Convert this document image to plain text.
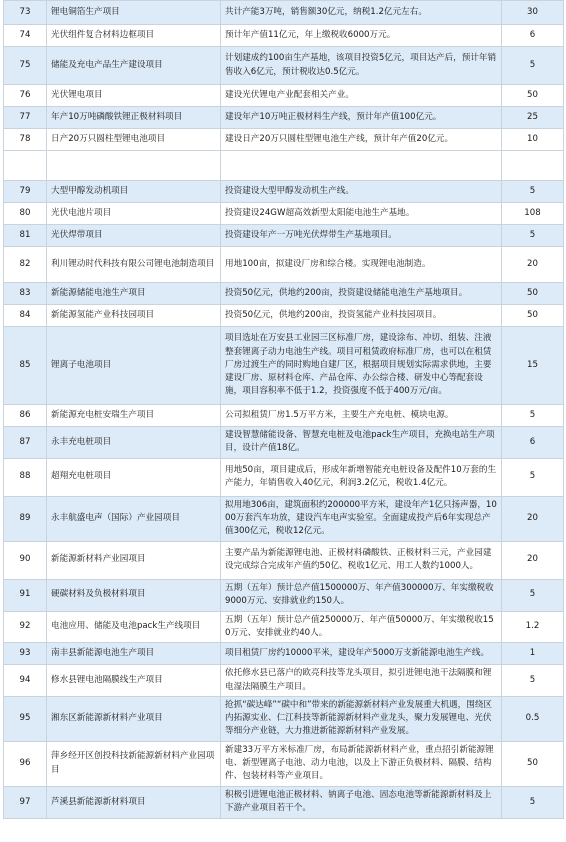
73	锂电铜箔生产项目	共计产能3万吨，销售额30亿元，纳税1.2亿元左右。	30
74	光伏组件复合材料边框项目	预计年产值11亿元，年上缴税收6000万元。	6
75	储能及充电产品生产建设项目	计划建成约100亩生产基地，该项目投资5亿元，项目达产后，预计年销售收入6亿元，预计税收达0.5亿元。	5
76	光伏锂电项目	建设光伏锂电产业配套相关产业。	50
77	年产10万吨磷酸铁锂正极材料项目	建设年产10万吨正极材料生产线，预计年产值100亿元。	25
78	日产20万只圆柱型锂电池项目	建设日产20万只圆柱型锂电池生产线，预计年产值20亿元。	10

79	大型甲醇发动机项目	投资建设大型甲醇发动机生产线。	5
80	光伏电池片项目	投资建设24GW超高效新型太阳能电池生产基地。	108
81	光伏焊带项目	投资建设年产一万吨光伏焊带生产基地项目。	5
82	利川锂动时代科技有限公司锂电池制造项目	用地100亩，拟建设厂房和综合楼。实现锂电池制造。	20
83	新能源储能电池生产项目	投资50亿元，供地约200亩，投资建设储能电池生产基地项目。	50
84	新能源氢能产业科技园项目	投资50亿元，供地约200亩，投资氢能产业科技园项目。	50
85	锂离子电池项目	项目选址在万安县工业园三区标准厂房，建设涂布、冲切、组装、注液整套锂离子动力电池生产线。项目可租赁政府标准厂房，也可以在租赁厂房过渡生产的同时购地自建厂区，根据项目规划实际需求供地，主要建设厂房、原材料仓库、产品仓库、办公综合楼、研发中心等配套设施，项目容积率不低于1.2，投资强度不低于400万元/亩。	15
86	新能源充电桩安瑞生产项目	公司拟租赁厂房1.5万平方米，主要生产充电桩、模块电源。	5
87	永丰充电桩项目	建设智慧储能设备、智慧充电桩及电池pack生产项目，充换电站生产项目，设计产值18亿。	6
88	超翔充电桩项目	用地50亩，项目建成后，形成年新增智能充电桩设备及配件10万套的生产能力，年销售收入40亿元，利润3.2亿元，税收1.4亿元。	5
89	永丰航盛电声（国际）产业园项目	拟用地306亩，建筑面积约200000平方米，建设年产1亿只扬声器，1000万套汽车功放，建设汽车电声实验室。全面建成投产后6年实现总产值300亿元，税收12亿元。	20
90	新能源新材料产业园项目	主要产品为新能源锂电池、正极材料磷酸铁、正极材料三元，产业园建设完成综合完成年产值约50亿、税收1亿元、用工人数约1000人。	20
91	硬碳材料及负极材料项目	五期（五年）预计总产值1500000万、年产值300000万、年实缴税收9000万元、安排就业约150人。	5
92	电池应用、储能及电池pack生产线项目	五期（五年）预计总产值250000万、年产值50000万、年实缴税收150万元、安排就业约40人。	1.2
93	南丰县新能源电池生产项目	项目租赁厂房约10000平米，建设年产5000万支新能源电池生产线。	1
94	修水县锂电池隔膜线生产项目	依托修水县已落户的欧亮科技等龙头项目，拟引进锂电池干法隔膜和锂电湿法隔膜生产项目。	5
95	湘东区新能源新材料产业项目	抢抓“碳达峰”“碳中和”带来的新能源新材料产业发展重大机遇，围绕区内拓源实业、仁江科技等新能源新材料产业龙头，聚力发展锂电、光伏等细分产业链，大力推进新能源新材料产业发展。	0.5
96	萍乡经开区创投科技新能源新材料产业园项目	新建33万平方米标准厂房，布局新能源新材料产业，重点招引新能源锂电、新型锂离子电池、动力电池，以及上下游正负极材料、隔膜、结构件、包装材料等产业项目。	50
97	芦溪县新能源新材料项目	积极引进锂电池正极材料、钠离子电池、固态电池等新能源新材料及上下游产业项目若干个。	5
